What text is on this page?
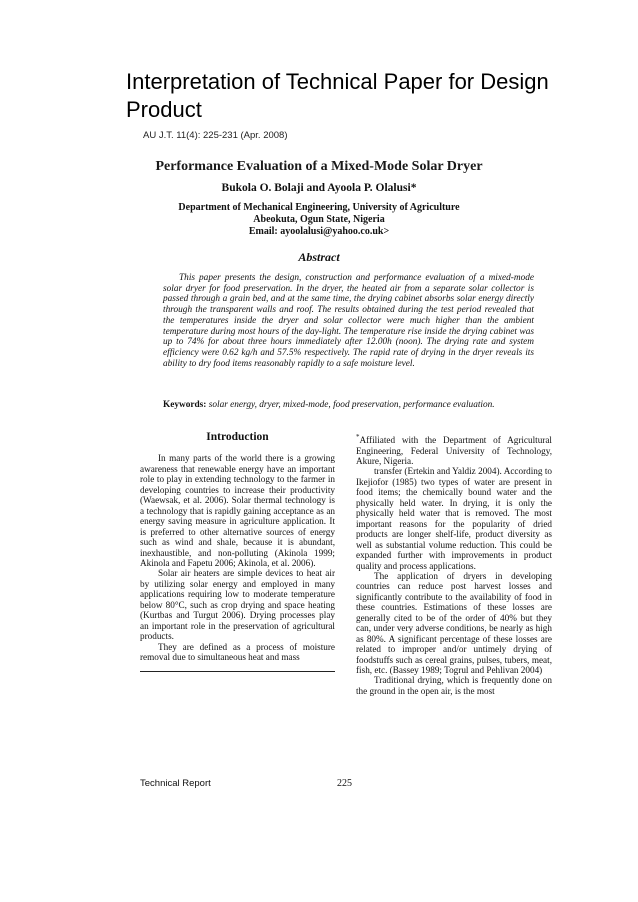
Interpretation of Technical Paper for Design Product
AU J.T. 11(4): 225-231 (Apr. 2008)
Performance Evaluation of a Mixed-Mode Solar Dryer
Bukola O. Bolaji and Ayoola P. Olalusi*
Department of Mechanical Engineering, University of Agriculture
Abeokuta, Ogun State, Nigeria
Email: ayoolalusi@yahoo.co.uk>
Abstract
This paper presents the design, construction and performance evaluation of a mixed-mode solar dryer for food preservation. In the dryer, the heated air from a separate solar collector is passed through a grain bed, and at the same time, the drying cabinet absorbs solar energy directly through the transparent walls and roof. The results obtained during the test period revealed that the temperatures inside the dryer and solar collector were much higher than the ambient temperature during most hours of the day-light. The temperature rise inside the drying cabinet was up to 74% for about three hours immediately after 12.00h (noon). The drying rate and system efficiency were 0.62 kg/h and 57.5% respectively. The rapid rate of drying in the dryer reveals its ability to dry food items reasonably rapidly to a safe moisture level.
Keywords: solar energy, dryer, mixed-mode, food preservation, performance evaluation.
Introduction

In many parts of the world there is a growing awareness that renewable energy have an important role to play in extending technology to the farmer in developing countries to increase their productivity (Waewsak, et al. 2006). Solar thermal technology is a technology that is rapidly gaining acceptance as an energy saving measure in agriculture application. It is preferred to other alternative sources of energy such as wind and shale, because it is abundant, inexhaustible, and non-polluting (Akinola 1999; Akinola and Fapetu 2006; Akinola, et al. 2006).

Solar air heaters are simple devices to heat air by utilizing solar energy and employed in many applications requiring low to moderate temperature below 80°C, such as crop drying and space heating (Kurtbas and Turgut 2006). Drying processes play an important role in the preservation of agricultural products.

They are defined as a process of moisture removal due to simultaneous heat and mass

*Affiliated with the Department of Agricultural Engineering, Federal University of Technology, Akure, Nigeria.

transfer (Ertekin and Yaldiz 2004). According to Ikejiofor (1985) two types of water are present in food items; the chemically bound water and the physically held water. In drying, it is only the physically held water that is removed. The most important reasons for the popularity of dried products are longer shelf-life, product diversity as well as substantial volume reduction. This could be expanded further with improvements in product quality and process applications.

The application of dryers in developing countries can reduce post harvest losses and significantly contribute to the availability of food in these countries. Estimations of these losses are generally cited to be of the order of 40% but they can, under very adverse conditions, be nearly as high as 80%. A significant percentage of these losses are related to improper and/or untimely drying of foodstuffs such as cereal grains, pulses, tubers, meat, fish, etc. (Bassey 1989; Togrul and Pehlivan 2004)

Traditional drying, which is frequently done on the ground in the open air, is the most

Technical Report	225
